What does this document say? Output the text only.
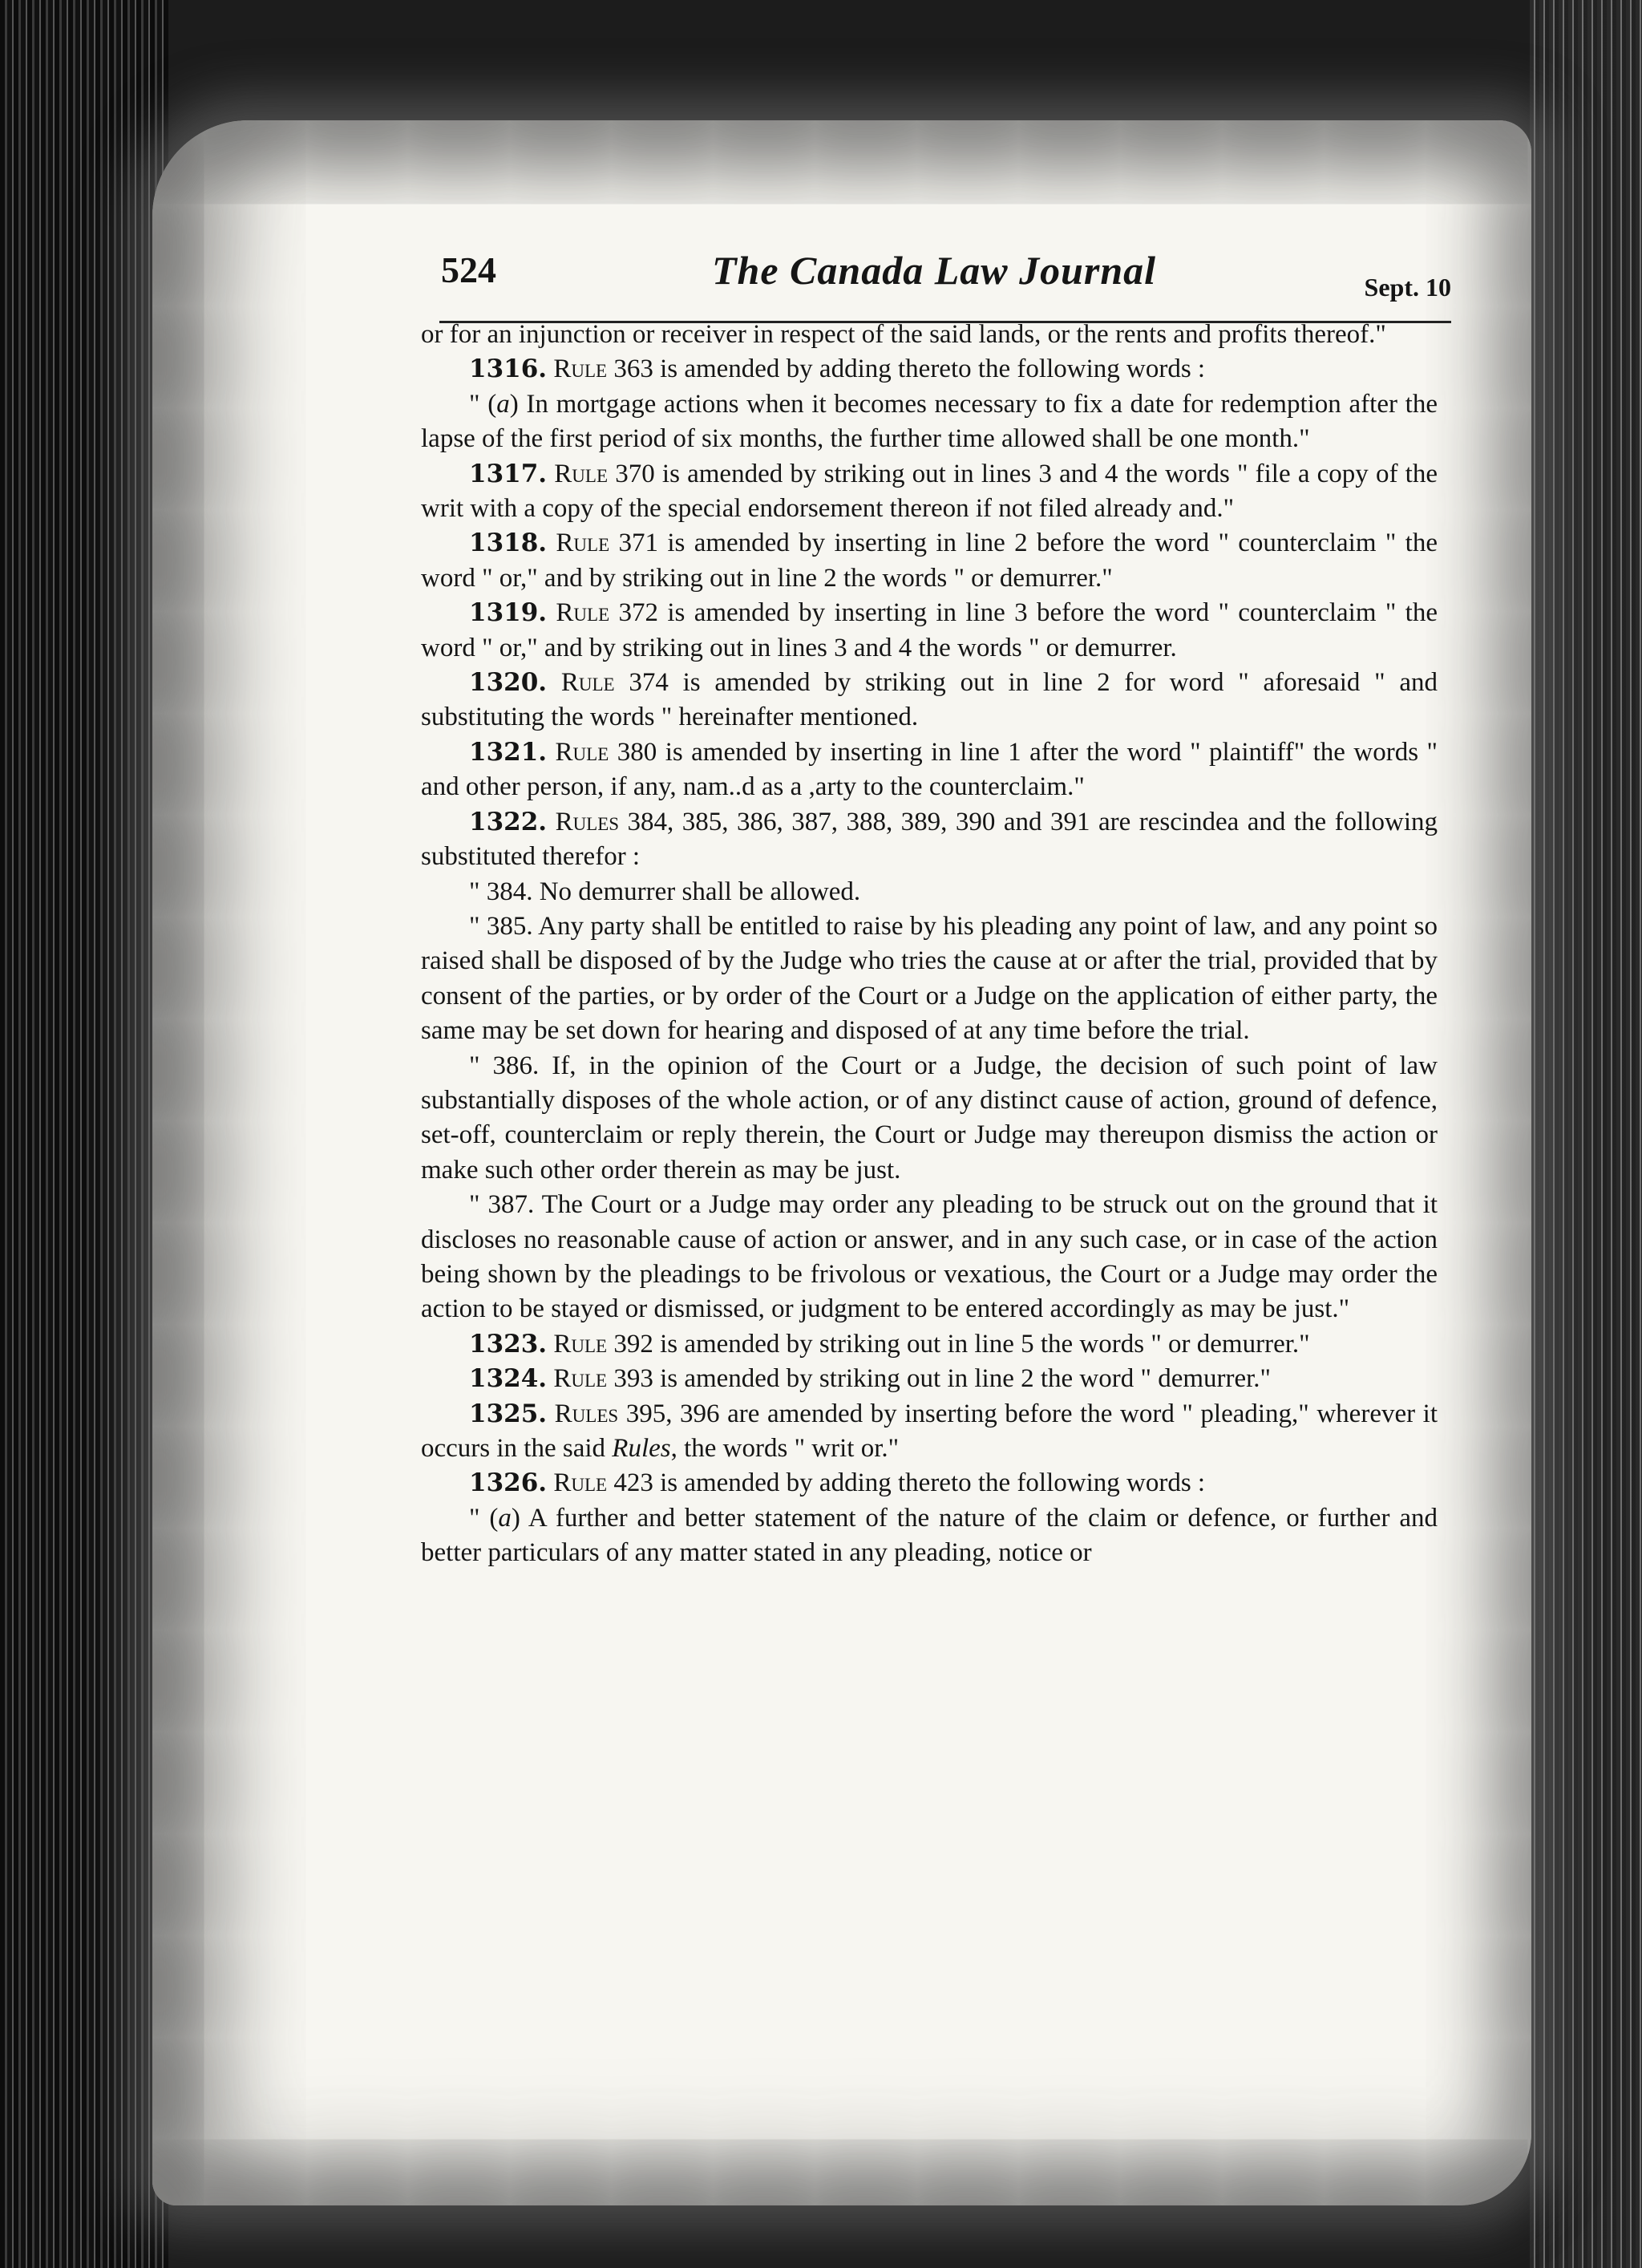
524	The Canada Law Journal	Sept. 10

or for an injunction or receiver in respect of the said lands, or the rents and profits thereof."

1316. Rule 363 is amended by adding thereto the following words :

" (a) In mortgage actions when it becomes necessary to fix a date for redemption after the lapse of the first period of six months, the further time allowed shall be one month."

1317. Rule 370 is amended by striking out in lines 3 and 4 the words " file a copy of the writ with a copy of the special endorsement thereon if not filed already and."

1318. Rule 371 is amended by inserting in line 2 before the word " counterclaim " the word " or," and by striking out in line 2 the words " or demurrer."

1319. Rule 372 is amended by inserting in line 3 before the word " counterclaim " the word " or," and by striking out in lines 3 and 4 the words " or demurrer.

1320. Rule 374 is amended by striking out in line 2 for word " aforesaid " and substituting the words " hereinafter mentioned.

1321. Rule 380 is amended by inserting in line 1 after the word " plaintiff" the words " and other person, if any, nam..d as a ,arty to the counterclaim."

1322. Rules 384, 385, 386, 387, 388, 389, 390 and 391 are rescindea and the following substituted therefor :

" 384. No demurrer shall be allowed.

" 385. Any party shall be entitled to raise by his pleading any point of law, and any point so raised shall be disposed of by the Judge who tries the cause at or after the trial, provided that by consent of the parties, or by order of the Court or a Judge on the application of either party, the same may be set down for hearing and disposed of at any time before the trial.

" 386. If, in the opinion of the Court or a Judge, the decision of such point of law substantially disposes of the whole action, or of any distinct cause of action, ground of defence, set-off, counterclaim or reply therein, the Court or Judge may thereupon dismiss the action or make such other order therein as may be just.

" 387. The Court or a Judge may order any pleading to be struck out on the ground that it discloses no reasonable cause of action or answer, and in any such case, or in case of the action being shown by the pleadings to be frivolous or vexatious, the Court or a Judge may order the action to be stayed or dismissed, or judgment to be entered accordingly as may be just."

1323. Rule 392 is amended by striking out in line 5 the words " or demurrer."

1324. Rule 393 is amended by striking out in line 2 the word " demurrer."

1325. Rules 395, 396 are amended by inserting before the word " pleading," wherever it occurs in the said Rules, the words " writ or."

1326. Rule 423 is amended by adding thereto the following words :

" (a) A further and better statement of the nature of the claim or defence, or further and better particulars of any matter stated in any pleading, notice or
